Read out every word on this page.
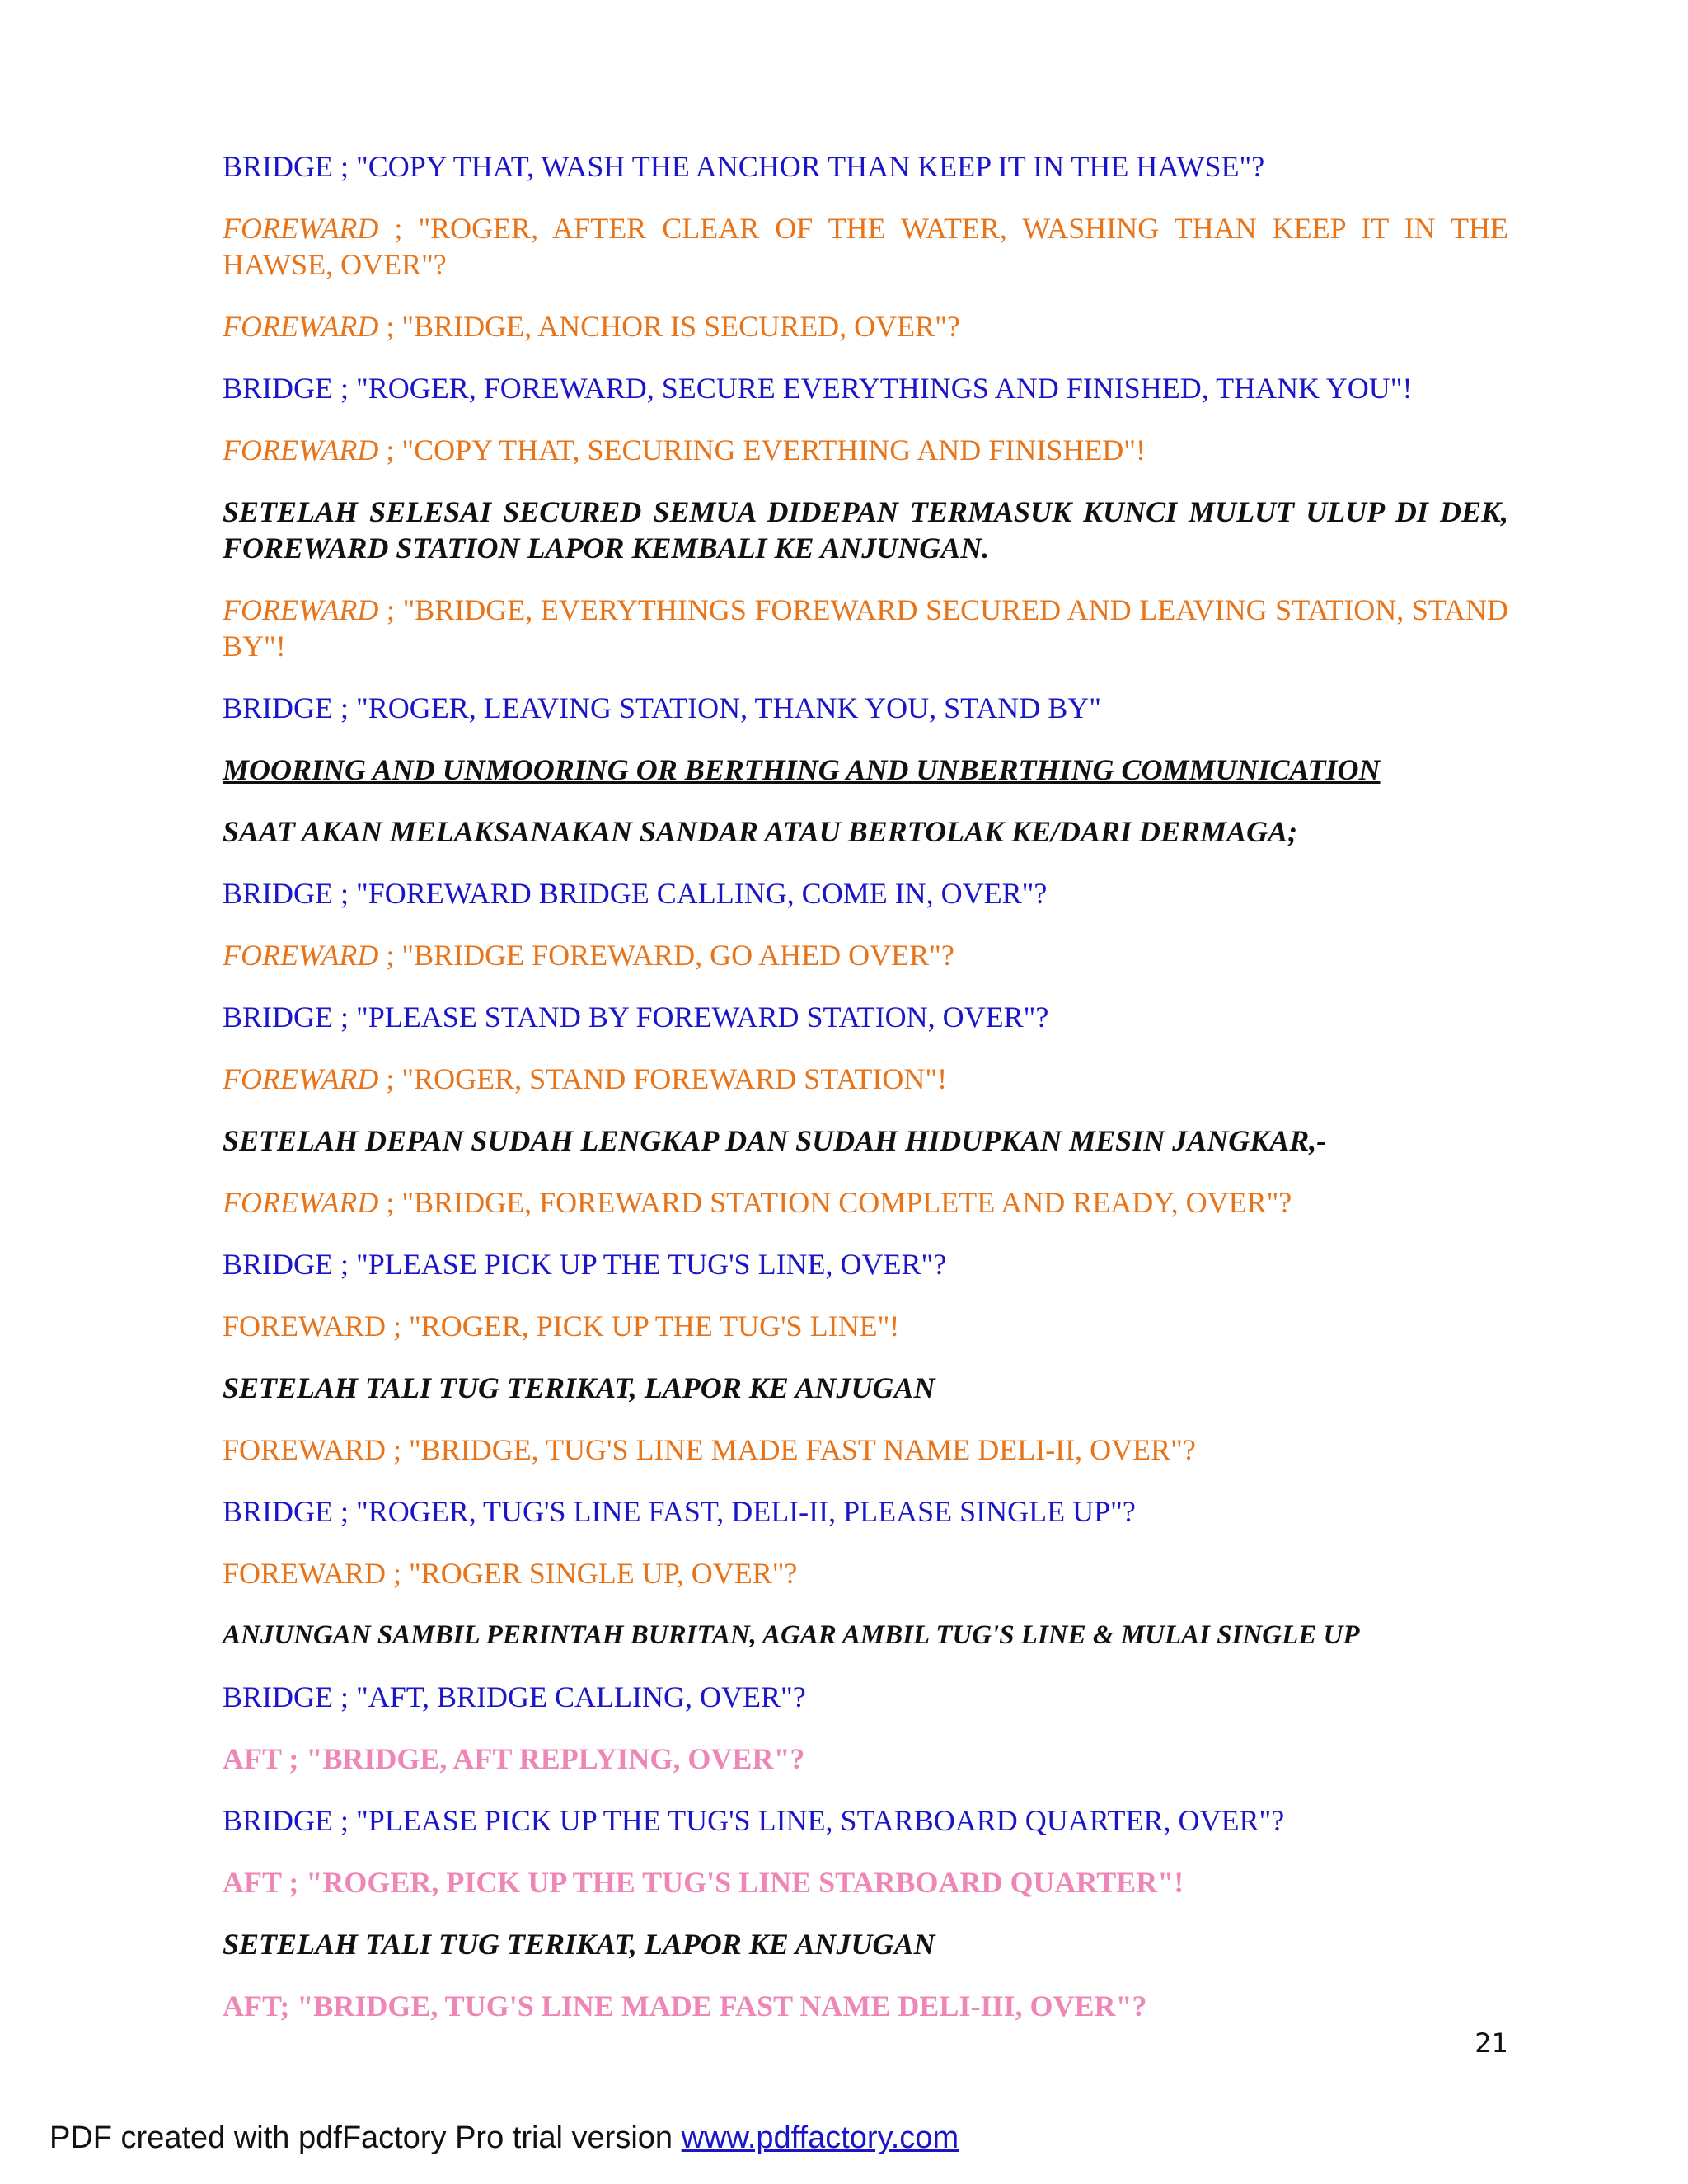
BRIDGE ; "COPY THAT, WASH THE ANCHOR THAN KEEP IT IN THE HAWSE"?
FOREWARD ; "ROGER, AFTER CLEAR OF THE WATER, WASHING THAN KEEP IT IN THE HAWSE, OVER"?
FOREWARD ; "BRIDGE, ANCHOR IS SECURED, OVER"?
BRIDGE ; "ROGER, FOREWARD, SECURE EVERYTHINGS AND FINISHED, THANK YOU"!
FOREWARD ; "COPY THAT, SECURING EVERTHING AND FINISHED"!
SETELAH SELESAI SECURED SEMUA DIDEPAN TERMASUK KUNCI MULUT ULUP DI DEK, FOREWARD STATION LAPOR KEMBALI KE ANJUNGAN.
FOREWARD ; "BRIDGE, EVERYTHINGS FOREWARD SECURED AND LEAVING STATION, STAND BY"!
BRIDGE ; "ROGER, LEAVING STATION, THANK YOU, STAND BY"
MOORING AND UNMOORING OR BERTHING AND UNBERTHING COMMUNICATION
SAAT AKAN MELAKSANAKAN SANDAR ATAU BERTOLAK KE/DARI DERMAGA;
BRIDGE ; "FOREWARD BRIDGE CALLING, COME IN, OVER"?
FOREWARD ; "BRIDGE FOREWARD, GO AHED OVER"?
BRIDGE ; "PLEASE STAND BY FOREWARD STATION, OVER"?
FOREWARD ; "ROGER, STAND FOREWARD STATION"!
SETELAH DEPAN SUDAH LENGKAP DAN SUDAH HIDUPKAN MESIN JANGKAR,-
FOREWARD ; "BRIDGE, FOREWARD STATION COMPLETE AND READY, OVER"?
BRIDGE ; "PLEASE PICK UP THE TUG'S LINE, OVER"?
FOREWARD ; "ROGER, PICK UP THE TUG'S LINE"!
SETELAH TALI TUG TERIKAT, LAPOR KE ANJUGAN
FOREWARD ; "BRIDGE, TUG'S LINE MADE FAST NAME DELI-II, OVER"?
BRIDGE ; "ROGER, TUG'S LINE FAST, DELI-II, PLEASE SINGLE UP"?
FOREWARD ; "ROGER SINGLE UP, OVER"?
ANJUNGAN SAMBIL PERINTAH BURITAN, AGAR AMBIL TUG'S LINE & MULAI SINGLE UP
BRIDGE ; "AFT, BRIDGE CALLING, OVER"?
AFT ; "BRIDGE, AFT REPLYING, OVER"?
BRIDGE ; "PLEASE PICK UP THE TUG'S LINE, STARBOARD QUARTER, OVER"?
AFT ; "ROGER, PICK UP THE TUG'S LINE STARBOARD QUARTER"!
SETELAH TALI TUG TERIKAT, LAPOR KE ANJUGAN
AFT; "BRIDGE, TUG'S LINE MADE FAST NAME DELI-III, OVER"?
21
PDF created with pdfFactory Pro trial version www.pdffactory.com
